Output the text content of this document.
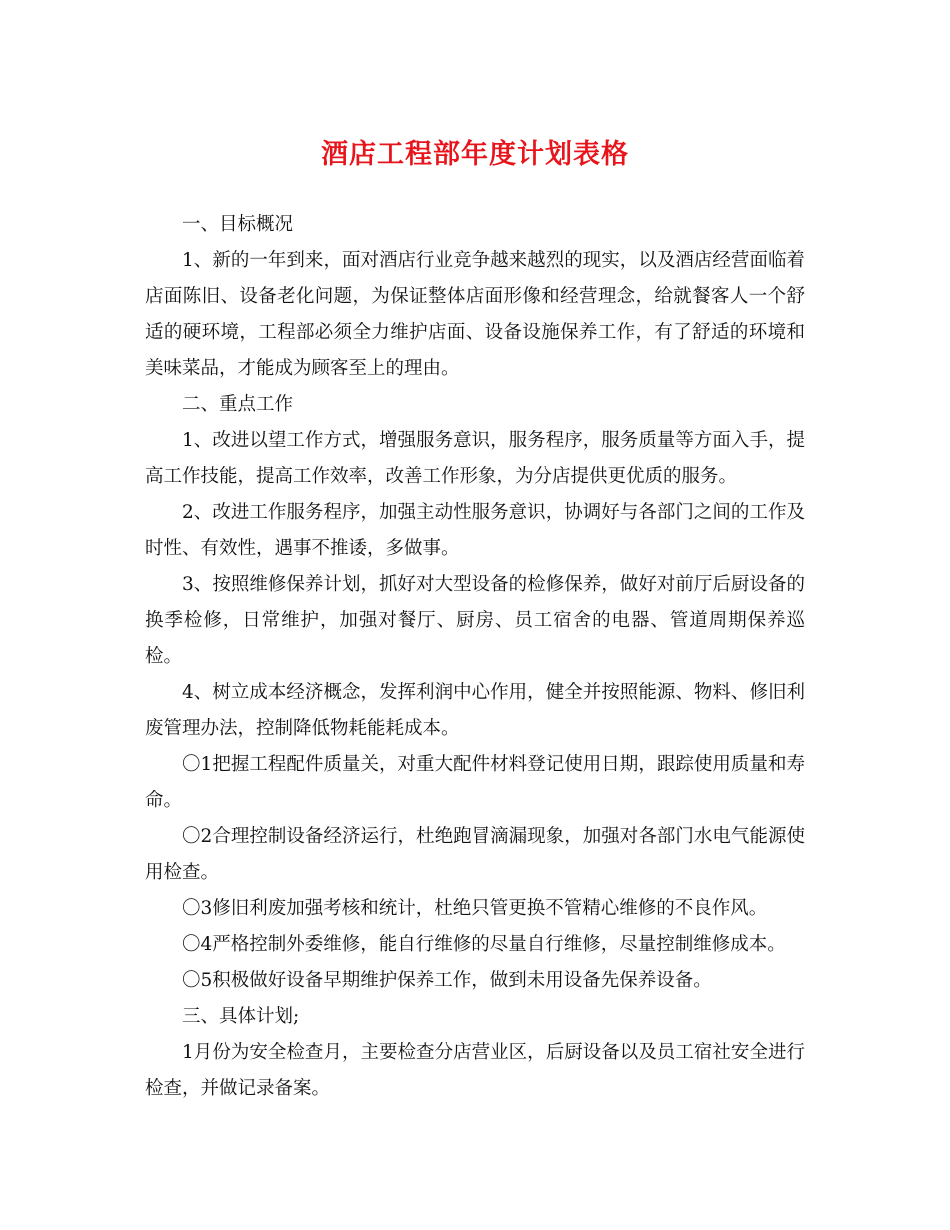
酒店工程部年度计划表格

一、目标概况

1、新的一年到来，面对酒店行业竞争越来越烈的现实，以及酒店经营面临着店面陈旧、设备老化问题，为保证整体店面形像和经营理念，给就餐客人一个舒适的硬环境，工程部必须全力维护店面、设备设施保养工作，有了舒适的环境和美味菜品，才能成为顾客至上的理由。

二、重点工作

1、改进以望工作方式，增强服务意识，服务程序，服务质量等方面入手，提高工作技能，提高工作效率，改善工作形象，为分店提供更优质的服务。

2、改进工作服务程序，加强主动性服务意识，协调好与各部门之间的工作及时性、有效性，遇事不推诿，多做事。

3、按照维修保养计划，抓好对大型设备的检修保养，做好对前厅后厨设备的换季检修，日常维护，加强对餐厅、厨房、员工宿舍的电器、管道周期保养巡检。

4、树立成本经济概念，发挥利润中心作用，健全并按照能源、物料、修旧利废管理办法，控制降低物耗能耗成本。

〇1把握工程配件质量关，对重大配件材料登记使用日期，跟踪使用质量和寿命。

〇2合理控制设备经济运行，杜绝跑冒滴漏现象，加强对各部门水电气能源使用检查。

〇3修旧利废加强考核和统计，杜绝只管更换不管精心维修的不良作风。

〇4严格控制外委维修，能自行维修的尽量自行维修，尽量控制维修成本。

〇5积极做好设备早期维护保养工作，做到未用设备先保养设备。

三、具体计划;

1月份为安全检查月，主要检查分店营业区，后厨设备以及员工宿社安全进行检查，并做记录备案。
